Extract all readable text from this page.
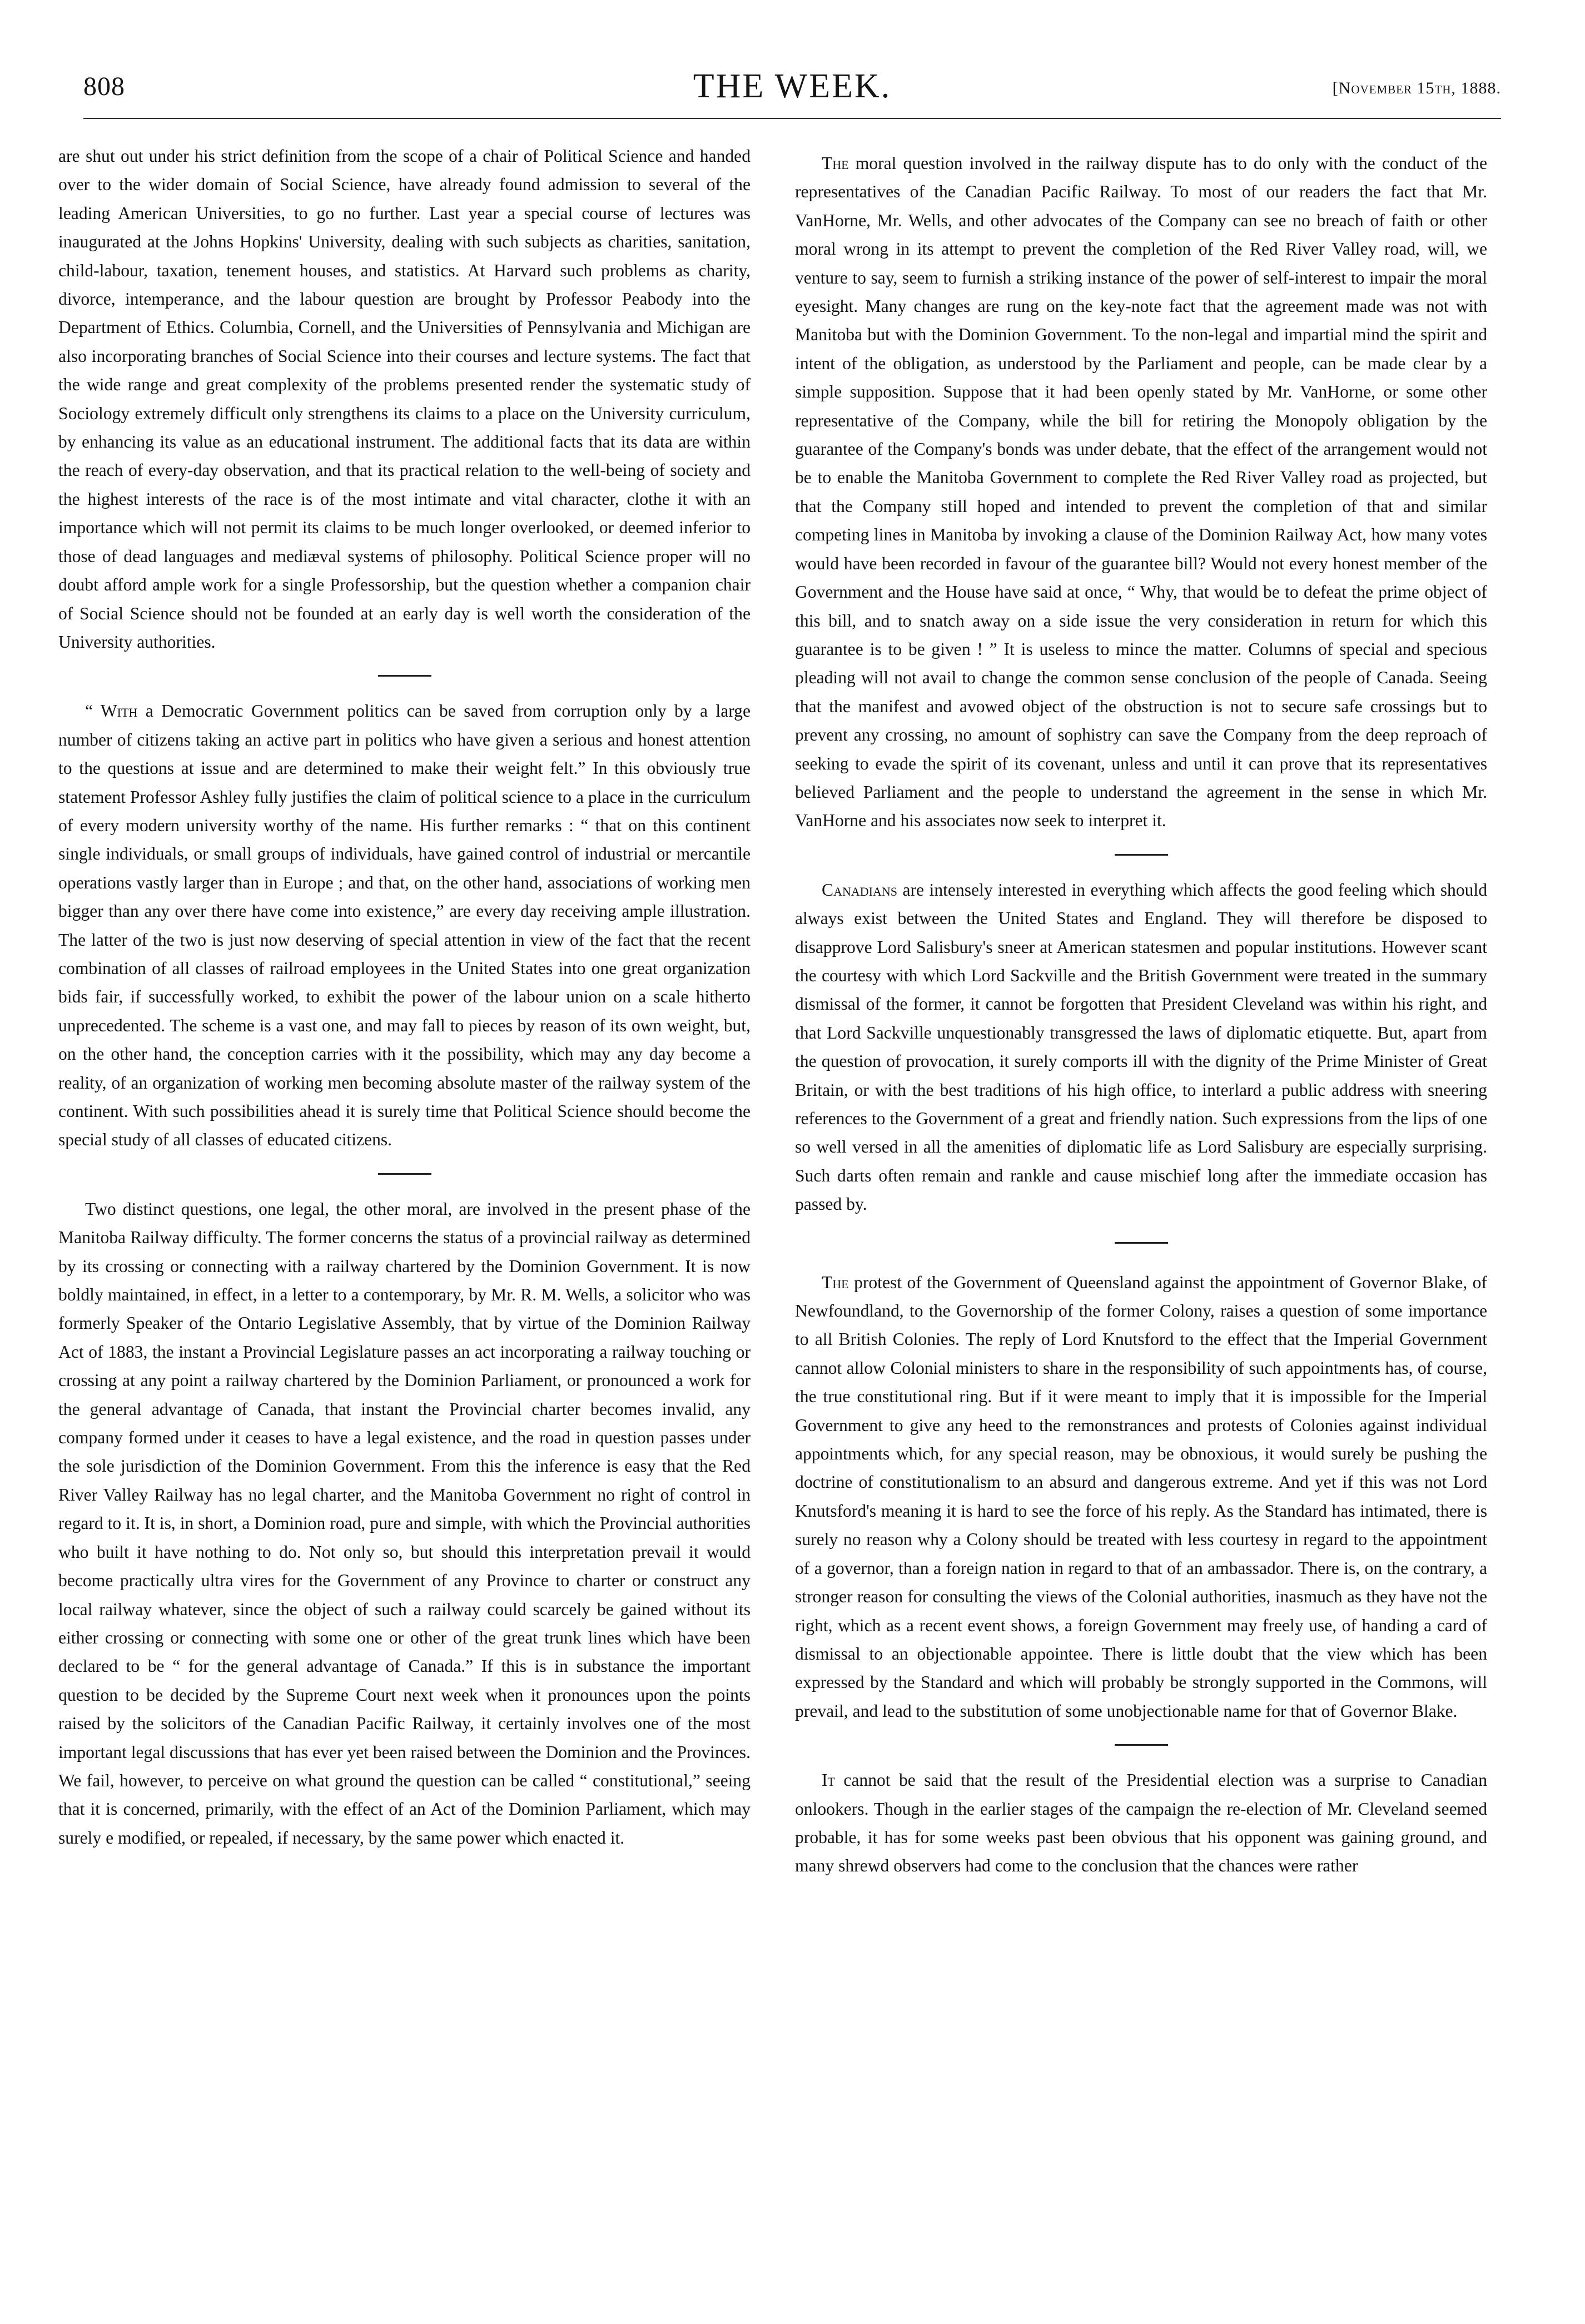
808	THE WEEK.	[November 15th, 1888.

are shut out under his strict definition from the scope of a chair of Political Science and handed over to the wider domain of Social Science, have already found admission to several of the leading American Universities, to go no further. Last year a special course of lectures was inaugurated at the Johns Hopkins' University, dealing with such subjects as charities, sanitation, child-labour, taxation, tenement houses, and statistics. At Harvard such problems as charity, divorce, intemperance, and the labour question are brought by Professor Peabody into the Department of Ethics. Columbia, Cornell, and the Universities of Pennsylvania and Michigan are also incorporating branches of Social Science into their courses and lecture systems. The fact that the wide range and great complexity of the problems presented render the systematic study of Sociology extremely difficult only strengthens its claims to a place on the University curriculum, by enhancing its value as an educational instrument. The additional facts that its data are within the reach of every-day observation, and that its practical relation to the well-being of society and the highest interests of the race is of the most intimate and vital character, clothe it with an importance which will not permit its claims to be much longer overlooked, or deemed inferior to those of dead languages and mediæval systems of philosophy. Political Science proper will no doubt afford ample work for a single Professorship, but the question whether a companion chair of Social Science should not be founded at an early day is well worth the consideration of the University authorities.

“ With a Democratic Government politics can be saved from corruption only by a large number of citizens taking an active part in politics who have given a serious and honest attention to the questions at issue and are determined to make their weight felt.” In this obviously true statement Professor Ashley fully justifies the claim of political science to a place in the curriculum of every modern university worthy of the name. His further remarks : “ that on this continent single individuals, or small groups of individuals, have gained control of industrial or mercantile operations vastly larger than in Europe ; and that, on the other hand, associations of working men bigger than any over there have come into existence,” are every day receiving ample illustration. The latter of the two is just now deserving of special attention in view of the fact that the recent combination of all classes of railroad employees in the United States into one great organization bids fair, if successfully worked, to exhibit the power of the labour union on a scale hitherto unprecedented. The scheme is a vast one, and may fall to pieces by reason of its own weight, but, on the other hand, the conception carries with it the possibility, which may any day become a reality, of an organization of working men becoming absolute master of the railway system of the continent. With such possibilities ahead it is surely time that Political Science should become the special study of all classes of educated citizens.

Two distinct questions, one legal, the other moral, are involved in the present phase of the Manitoba Railway difficulty. The former concerns the status of a provincial railway as determined by its crossing or connecting with a railway chartered by the Dominion Government. It is now boldly maintained, in effect, in a letter to a contemporary, by Mr. R. M. Wells, a solicitor who was formerly Speaker of the Ontario Legislative Assembly, that by virtue of the Dominion Railway Act of 1883, the instant a Provincial Legislature passes an act incorporating a railway touching or crossing at any point a railway chartered by the Dominion Parliament, or pronounced a work for the general advantage of Canada, that instant the Provincial charter becomes invalid, any company formed under it ceases to have a legal existence, and the road in question passes under the sole jurisdiction of the Dominion Government. From this the inference is easy that the Red River Valley Railway has no legal charter, and the Manitoba Government no right of control in regard to it. It is, in short, a Dominion road, pure and simple, with which the Provincial authorities who built it have nothing to do. Not only so, but should this interpretation prevail it would become practically ultra vires for the Government of any Province to charter or construct any local railway whatever, since the object of such a railway could scarcely be gained without its either crossing or connecting with some one or other of the great trunk lines which have been declared to be “ for the general advantage of Canada.” If this is in substance the important question to be decided by the Supreme Court next week when it pronounces upon the points raised by the solicitors of the Canadian Pacific Railway, it certainly involves one of the most important legal discussions that has ever yet been raised between the Dominion and the Provinces. We fail, however, to perceive on what ground the question can be called “ constitutional,” seeing that it is concerned, primarily, with the effect of an Act of the Dominion Parliament, which may surely e modified, or repealed, if necessary, by the same power which enacted it.

The moral question involved in the railway dispute has to do only with the conduct of the representatives of the Canadian Pacific Railway. To most of our readers the fact that Mr. VanHorne, Mr. Wells, and other advocates of the Company can see no breach of faith or other moral wrong in its attempt to prevent the completion of the Red River Valley road, will, we venture to say, seem to furnish a striking instance of the power of self-interest to impair the moral eyesight. Many changes are rung on the key-note fact that the agreement made was not with Manitoba but with the Dominion Government. To the non-legal and impartial mind the spirit and intent of the obligation, as understood by the Parliament and people, can be made clear by a simple supposition. Suppose that it had been openly stated by Mr. VanHorne, or some other representative of the Company, while the bill for retiring the Monopoly obligation by the guarantee of the Company's bonds was under debate, that the effect of the arrangement would not be to enable the Manitoba Government to complete the Red River Valley road as projected, but that the Company still hoped and intended to prevent the completion of that and similar competing lines in Manitoba by invoking a clause of the Dominion Railway Act, how many votes would have been recorded in favour of the guarantee bill? Would not every honest member of the Government and the House have said at once, “ Why, that would be to defeat the prime object of this bill, and to snatch away on a side issue the very consideration in return for which this guarantee is to be given ! ” It is useless to mince the matter. Columns of special and specious pleading will not avail to change the common sense conclusion of the people of Canada. Seeing that the manifest and avowed object of the obstruction is not to secure safe crossings but to prevent any crossing, no amount of sophistry can save the Company from the deep reproach of seeking to evade the spirit of its covenant, unless and until it can prove that its representatives believed Parliament and the people to understand the agreement in the sense in which Mr. VanHorne and his associates now seek to interpret it.

Canadians are intensely interested in everything which affects the good feeling which should always exist between the United States and England. They will therefore be disposed to disapprove Lord Salisbury's sneer at American statesmen and popular institutions. However scant the courtesy with which Lord Sackville and the British Government were treated in the summary dismissal of the former, it cannot be forgotten that President Cleveland was within his right, and that Lord Sackville unquestionably transgressed the laws of diplomatic etiquette. But, apart from the question of provocation, it surely comports ill with the dignity of the Prime Minister of Great Britain, or with the best traditions of his high office, to interlard a public address with sneering references to the Government of a great and friendly nation. Such expressions from the lips of one so well versed in all the amenities of diplomatic life as Lord Salisbury are especially surprising. Such darts often remain and rankle and cause mischief long after the immediate occasion has passed by.

The protest of the Government of Queensland against the appointment of Governor Blake, of Newfoundland, to the Governorship of the former Colony, raises a question of some importance to all British Colonies. The reply of Lord Knutsford to the effect that the Imperial Government cannot allow Colonial ministers to share in the responsibility of such appointments has, of course, the true constitutional ring. But if it were meant to imply that it is impossible for the Imperial Government to give any heed to the remonstrances and protests of Colonies against individual appointments which, for any special reason, may be obnoxious, it would surely be pushing the doctrine of constitutionalism to an absurd and dangerous extreme. And yet if this was not Lord Knutsford's meaning it is hard to see the force of his reply. As the Standard has intimated, there is surely no reason why a Colony should be treated with less courtesy in regard to the appointment of a governor, than a foreign nation in regard to that of an ambassador. There is, on the contrary, a stronger reason for consulting the views of the Colonial authorities, inasmuch as they have not the right, which as a recent event shows, a foreign Government may freely use, of handing a card of dismissal to an objectionable appointee. There is little doubt that the view which has been expressed by the Standard and which will probably be strongly supported in the Commons, will prevail, and lead to the substitution of some unobjectionable name for that of Governor Blake.

It cannot be said that the result of the Presidential election was a surprise to Canadian onlookers. Though in the earlier stages of the campaign the re-election of Mr. Cleveland seemed probable, it has for some weeks past been obvious that his opponent was gaining ground, and many shrewd observers had come to the conclusion that the chances were rather
